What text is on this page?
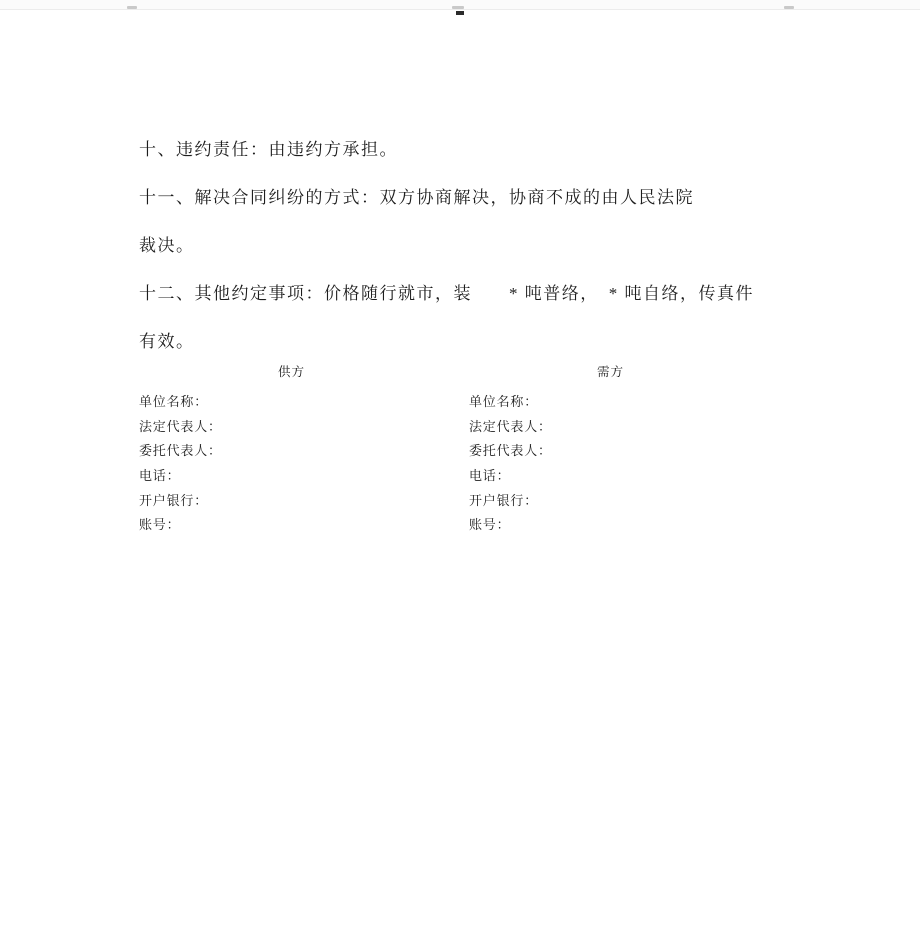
十、违约责任：由违约方承担。
十一、解决合同纠纷的方式：双方协商解决，协商不成的由人民法院
裁决。
十二、其他约定事项：价格随行就市，装　　* 吨普络，　* 吨自络，传真件
有效。
供方
单位名称：
法定代表人：
委托代表人：
电话：
开户银行：
账号：
需方
单位名称：
法定代表人：
委托代表人：
电话：
开户银行：
账号：
